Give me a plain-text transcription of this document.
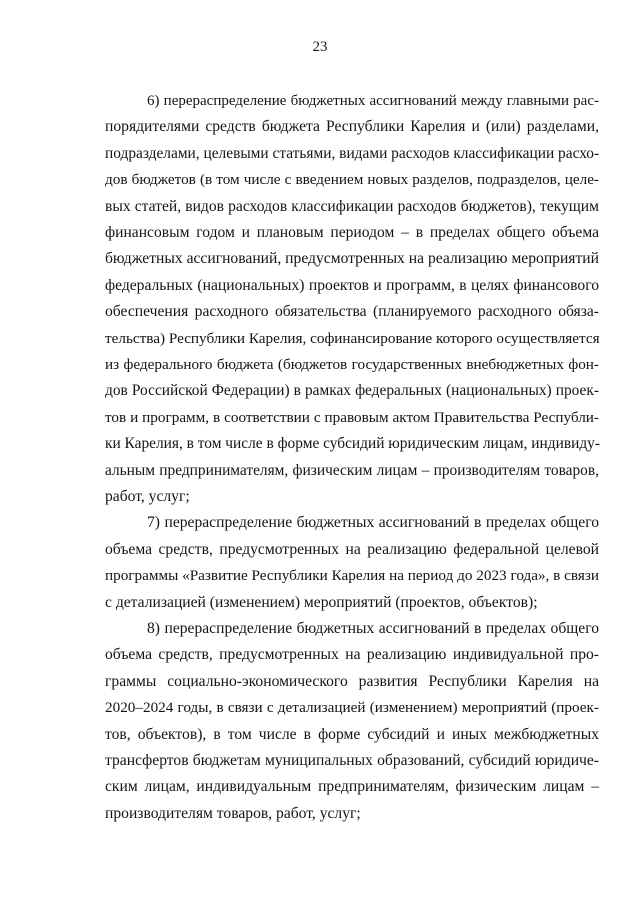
23
6) перераспределение бюджетных ассигнований между главными рас-
порядителями средств бюджета Республики Карелия и (или) разделами,
подразделами, целевыми статьями, видами расходов классификации расхо-
дов бюджетов (в том числе с введением новых разделов, подразделов, целе-
вых статей, видов расходов классификации расходов бюджетов), текущим
финансовым годом и плановым периодом – в пределах общего объема
бюджетных ассигнований, предусмотренных на реализацию мероприятий
федеральных (национальных) проектов и программ, в целях финансового
обеспечения расходного обязательства (планируемого расходного обяза-
тельства) Республики Карелия, софинансирование которого осуществляется
из федерального бюджета (бюджетов государственных внебюджетных фон-
дов Российской Федерации) в рамках федеральных (национальных) проек-
тов и программ, в соответствии с правовым актом Правительства Республи-
ки Карелия, в том числе в форме субсидий юридическим лицам, индивиду-
альным предпринимателям, физическим лицам – производителям товаров,
работ, услуг;
7) перераспределение бюджетных ассигнований в пределах общего
объема средств, предусмотренных на реализацию федеральной целевой
программы «Развитие Республики Карелия на период до 2023 года», в связи
с детализацией (изменением) мероприятий (проектов, объектов);
8) перераспределение бюджетных ассигнований в пределах общего
объема средств, предусмотренных на реализацию индивидуальной про-
граммы социально-экономического развития Республики Карелия на
2020–2024 годы, в связи с детализацией (изменением) мероприятий (проек-
тов, объектов), в том числе в форме субсидий и иных межбюджетных
трансфертов бюджетам муниципальных образований, субсидий юридиче-
ским лицам, индивидуальным предпринимателям, физическим лицам –
производителям товаров, работ, услуг;
